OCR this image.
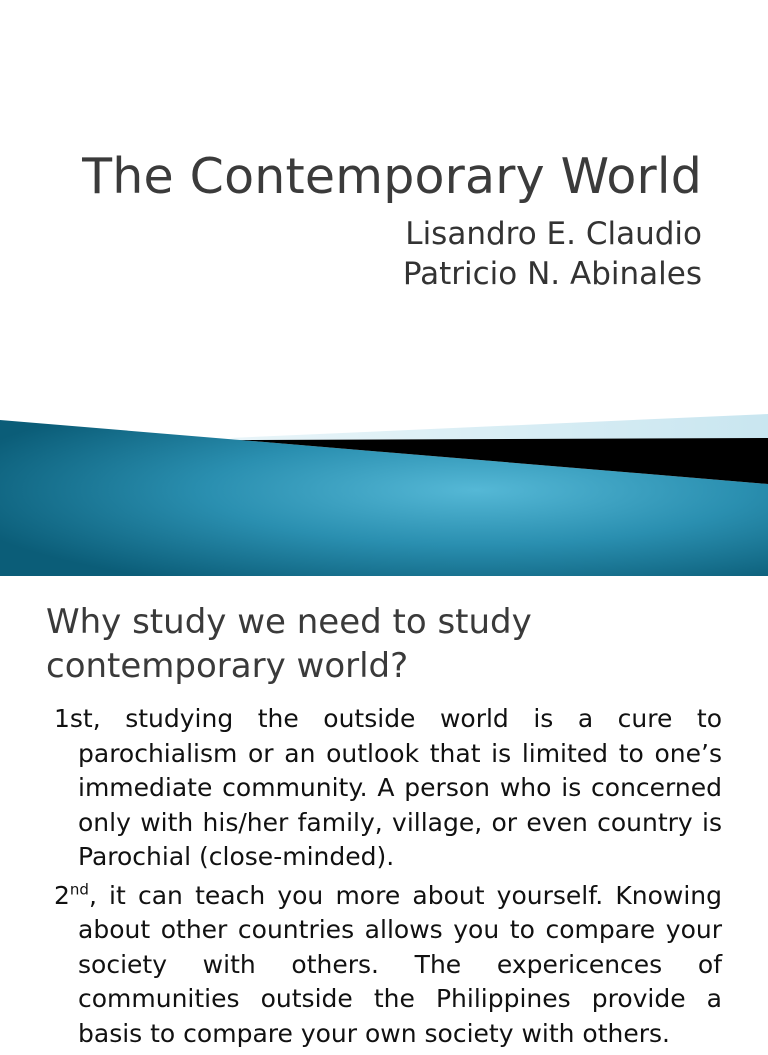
The Contemporary World
Lisandro E. Claudio
Patricio N. Abinales
Why study we need to study contemporary world?

1st, studying the outside world is a cure to parochialism or an outlook that is limited to one’s immediate community. A person who is concerned only with his/her family, village, or even country is Parochial (close-minded).

2nd, it can teach you more about yourself. Knowing about other countries allows you to compare your society with others. The expericences of communities outside the Philippines provide a basis to compare your own society with others.
